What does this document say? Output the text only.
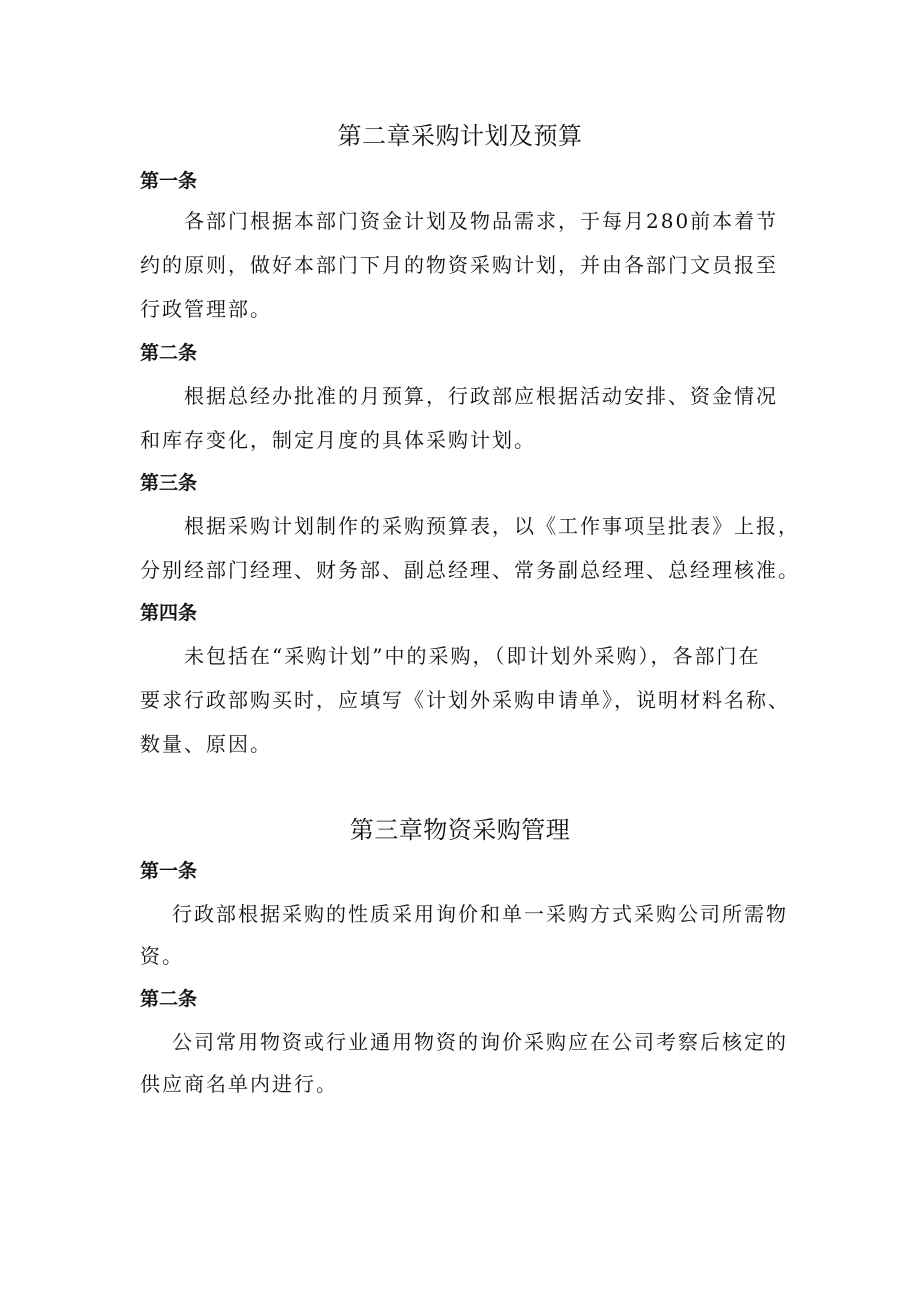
第二章采购计划及预算
第一条

各部门根据本部门资金计划及物品需求，于每月280前本着节

约的原则，做好本部门下月的物资采购计划，并由各部门文员报至

行政管理部。

第二条

根据总经办批准的月预算，行政部应根据活动安排、资金情况

和库存变化，制定月度的具体采购计划。

第三条

根据采购计划制作的采购预算表，以《工作事项呈批表》上报，

分别经部门经理、财务部、副总经理、常务副总经理、总经理核准。

第四条

未包括在“采购计划”中的采购，（即计划外采购），各部门在

要求行政部购买时，应填写《计划外采购申请单》，说明材料名称、

数量、原因。

第三章物资采购管理
第一条

行政部根据采购的性质采用询价和单一采购方式采购公司所需物

资。

第二条

公司常用物资或行业通用物资的询价采购应在公司考察后核定的

供应商名单内进行。
